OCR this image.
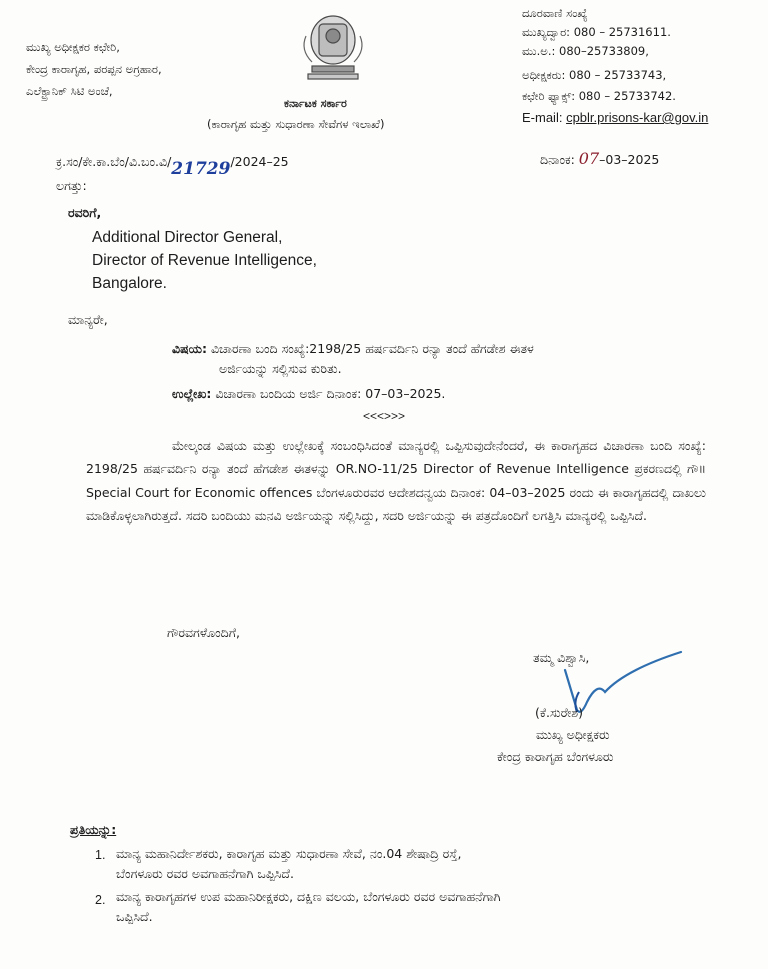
ಮುಖ್ಯ ಅಧೀಕ್ಷಕರ ಕಛೇರಿ,
ಕೇಂದ್ರ ಕಾರಾಗೃಹ, ಪರಪ್ಪನ ಅಗ್ರಹಾರ,
ಎಲೆಕ್ಟ್ರಾನಿಕ್ ಸಿಟಿ ಅಂಚೆ,
ಕರ್ನಾಟಕ ಸರ್ಕಾರ
(ಕಾರಾಗೃಹ ಮತ್ತು ಸುಧಾರಣಾ ಸೇವೆಗಳ ಇಲಾಖೆ)
ದೂರವಾಣಿ ಸಂಖ್ಯೆ
ಮುಖ್ಯದ್ವಾರ: 080 – 25731611.
ಮು.ಅ.: 080–25733809,
ಅಧೀಕ್ಷಕರು: 080 – 25733743,
ಕಛೇರಿ ಫ್ಯಾಕ್ಸ್: 080 – 25733742.
E-mail: cpblr.prisons-kar@gov.in
ಕ್ರ.ಸಂ/ಕೇ.ಕಾ.ಬೆಂ/ವಿ.ಬಂ.ವಿ/21729/2024–25	ದಿನಾಂಕ: 07–03–2025
ಲಗತ್ತು:
ರವರಿಗೆ,
Additional Director General,
Director of Revenue Intelligence,
Bangalore.
ಮಾನ್ಯರೇ,
ವಿಷಯ: ವಿಚಾರಣಾ ಬಂದಿ ಸಂಖ್ಯೆ:2198/25 ಹರ್ಷವರ್ದಿನಿ ರನ್ಯಾ ತಂದೆ ಹೆಗಡೇಶ ಈತಳ
ಅರ್ಜಿಯನ್ನು ಸಲ್ಲಿಸುವ ಕುರಿತು.
ಉಲ್ಲೇಖ: ವಿಚಾರಣಾ ಬಂದಿಯ ಅರ್ಜಿ ದಿನಾಂಕ: 07–03–2025.
<<<>>>

ಮೇಲ್ಕಂಡ ವಿಷಯ ಮತ್ತು ಉಲ್ಲೇಖಕ್ಕೆ ಸಂಬಂಧಿಸಿದಂತೆ ಮಾನ್ಯರಲ್ಲಿ ಒಪ್ಪಿಸುವುದೇನೆಂದರೆ, ಈ ಕಾರಾಗೃಹದ ವಿಚಾರಣಾ ಬಂದಿ ಸಂಖ್ಯೆ: 2198/25 ಹರ್ಷವರ್ದಿನಿ ರನ್ಯಾ ತಂದೆ ಹೆಗಡೇಶ ಈತಳನ್ನು OR.NO-11/25 Director of Revenue Intelligence ಪ್ರಕರಣದಲ್ಲಿ ಗೌ॥ Special Court for Economic offences ಬೆಂಗಳೂರುರವರ ಆದೇಶದನ್ವಯ ದಿನಾಂಕ: 04–03–2025 ರಂದು ಈ ಕಾರಾಗೃಹದಲ್ಲಿ ದಾಖಲು ಮಾಡಿಕೊಳ್ಳಲಾಗಿರುತ್ತದೆ. ಸದರಿ ಬಂದಿಯು ಮನವಿ ಅರ್ಜಿಯನ್ನು ಸಲ್ಲಿಸಿದ್ದು, ಸದರಿ ಅರ್ಜಿಯನ್ನು ಈ ಪತ್ರದೊಂದಿಗೆ ಲಗತ್ತಿಸಿ ಮಾನ್ಯರಲ್ಲಿ ಒಪ್ಪಿಸಿದೆ.

ಗೌರವಗಳೊಂದಿಗೆ,
ತಮ್ಮ ವಿಶ್ವಾಸಿ,
(ಕೆ.ಸುರೇಶ)
ಮುಖ್ಯ ಅಧೀಕ್ಷಕರು
ಕೇಂದ್ರ ಕಾರಾಗೃಹ ಬೆಂಗಳೂರು
ಪ್ರತಿಯನ್ನು:
1. ಮಾನ್ಯ ಮಹಾನಿರ್ದೇಶಕರು, ಕಾರಾಗೃಹ ಮತ್ತು ಸುಧಾರಣಾ ಸೇವೆ, ನಂ.04 ಶೇಷಾದ್ರಿ ರಸ್ತೆ,
ಬೆಂಗಳೂರು ರವರ ಅವಗಾಹನೆಗಾಗಿ ಒಪ್ಪಿಸಿದೆ.
2. ಮಾನ್ಯ ಕಾರಾಗೃಹಗಳ ಉಪ ಮಹಾನಿರೀಕ್ಷಕರು, ದಕ್ಷಿಣ ವಲಯ, ಬೆಂಗಳೂರು ರವರ ಅವಗಾಹನೆಗಾಗಿ
ಒಪ್ಪಿಸಿದೆ.
